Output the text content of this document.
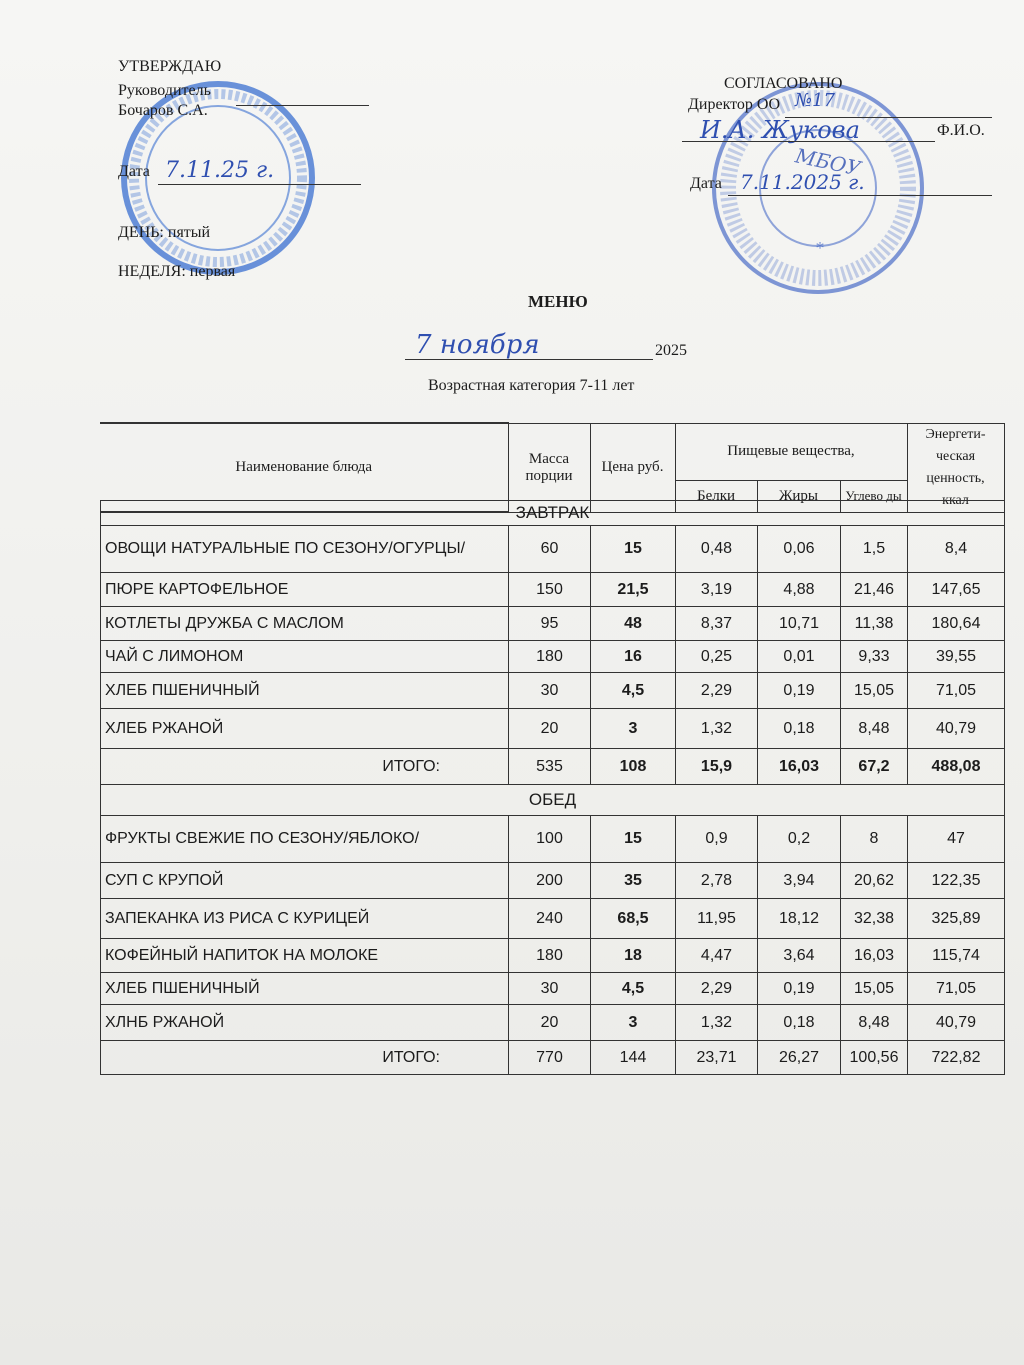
*
МБОУ
УТВЕРЖДАЮ
Руководитель
Бочаров С.А.
Дата 7.11.25 г.
ДЕНЬ: пятый
НЕДЕЛЯ: первая
СОГЛАСОВАНО
Директор ОО №17
И.А. Жукова	Ф.И.О.
Дата 7.11.2025 г.
МЕНЮ
7 ноября	2025
Возрастная категория 7-11 лет
Наименование блюда	Масса порции	Цена руб.	Пищевые вещества,			Энергети-ческая ценность, ккал
			Белки	Жиры	Углево ды	
ЗАВТРАК						
ОВОЩИ НАТУРАЛЬНЫЕ ПО СЕЗОНУ/ОГУРЦЫ/	60	15	0,48	0,06	1,5	8,4
ПЮРЕ КАРТОФЕЛЬНОЕ	150	21,5	3,19	4,88	21,46	147,65
КОТЛЕТЫ ДРУЖБА С МАСЛОМ	95	48	8,37	10,71	11,38	180,64
ЧАЙ С ЛИМОНОМ	180	16	0,25	0,01	9,33	39,55
ХЛЕБ ПШЕНИЧНЫЙ	30	4,5	2,29	0,19	15,05	71,05
ХЛЕБ РЖАНОЙ	20	3	1,32	0,18	8,48	40,79
ИТОГО:	535	108	15,9	16,03	67,2	488,08
ОБЕД						
ФРУКТЫ СВЕЖИЕ ПО СЕЗОНУ/ЯБЛОКО/	100	15	0,9	0,2	8	47
СУП С КРУПОЙ	200	35	2,78	3,94	20,62	122,35
ЗАПЕКАНКА ИЗ РИСА С КУРИЦЕЙ	240	68,5	11,95	18,12	32,38	325,89
КОФЕЙНЫЙ НАПИТОК НА МОЛОКЕ	180	18	4,47	3,64	16,03	115,74
ХЛЕБ ПШЕНИЧНЫЙ	30	4,5	2,29	0,19	15,05	71,05
ХЛНБ РЖАНОЙ	20	3	1,32	0,18	8,48	40,79
ИТОГО:	770	144	23,71	26,27	100,56	722,82
